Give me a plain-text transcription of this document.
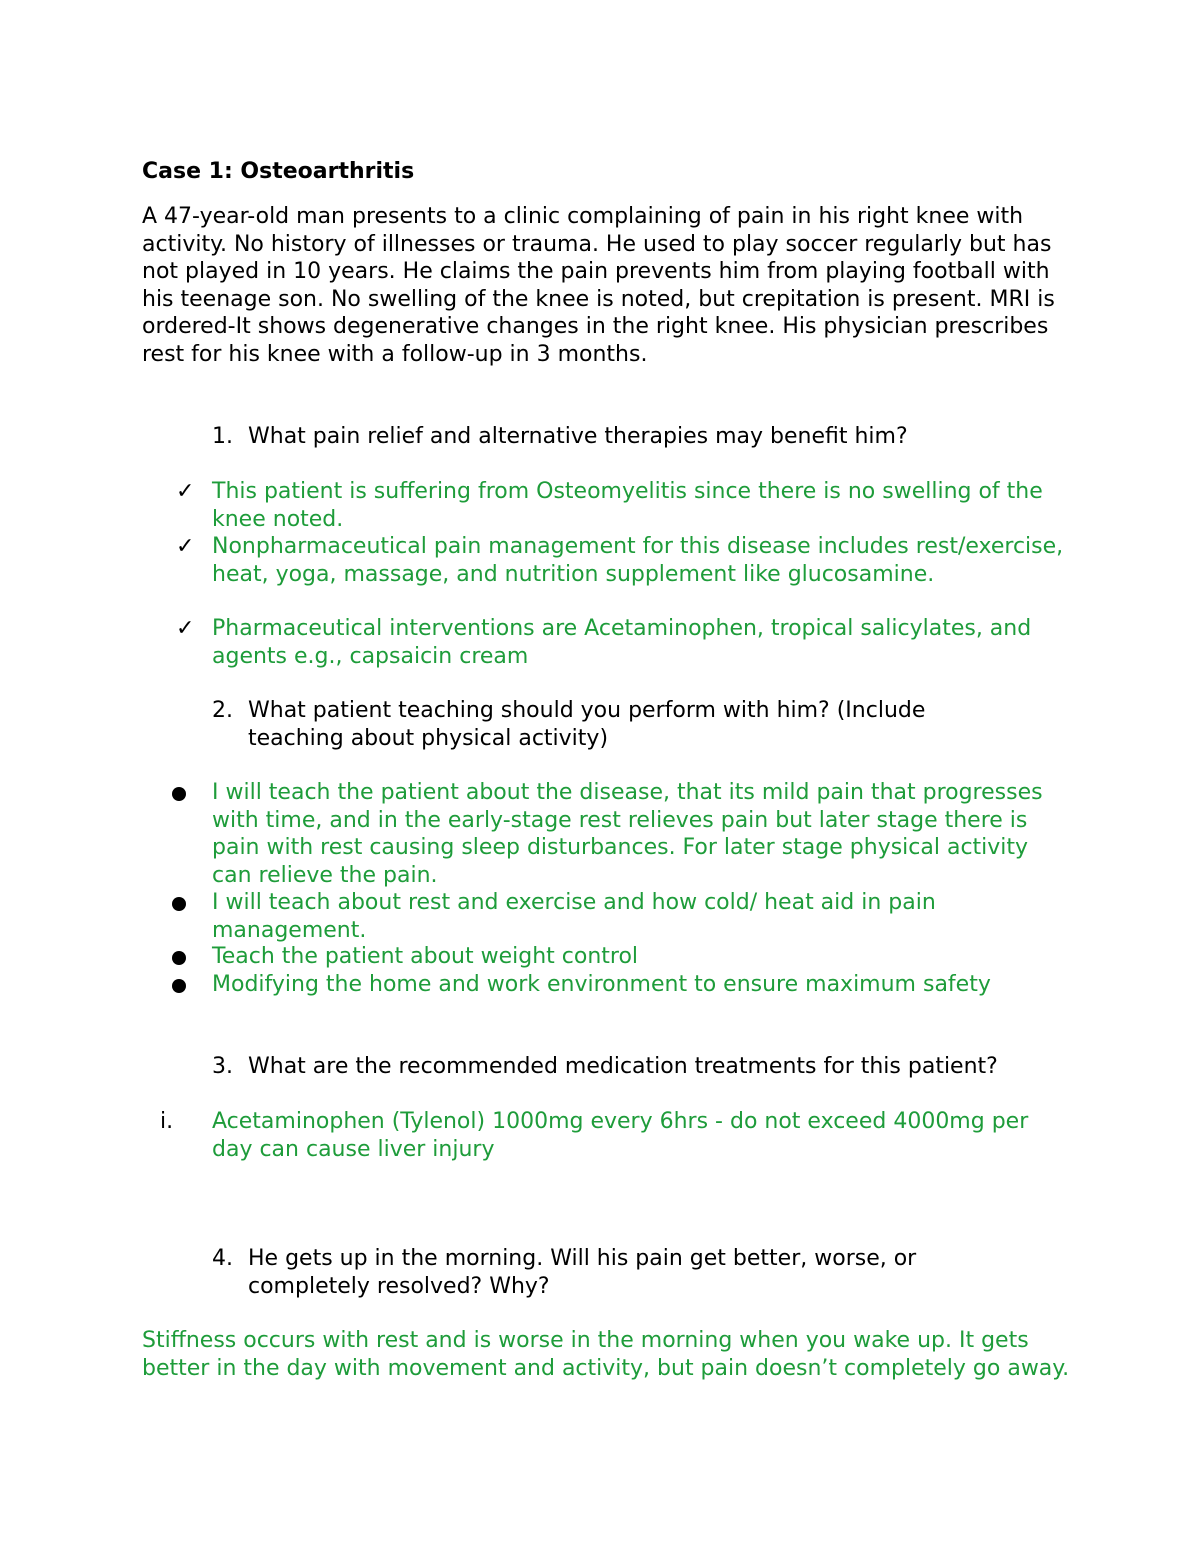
Case 1: Osteoarthritis
A 47-year-old man presents to a clinic complaining of pain in his right knee with activity. No history of illnesses or trauma. He used to play soccer regularly but has not played in 10 years. He claims the pain prevents him from playing football with his teenage son. No swelling of the knee is noted, but crepitation is present. MRI is ordered-It shows degenerative changes in the right knee. His physician prescribes rest for his knee with a follow-up in 3 months.
1. What pain relief and alternative therapies may benefit him?
✓ This patient is suffering from Osteomyelitis since there is no swelling of the knee noted.
✓ Nonpharmaceutical pain management for this disease includes rest/exercise, heat, yoga, massage, and nutrition supplement like glucosamine.
✓ Pharmaceutical interventions are Acetaminophen, tropical salicylates, and agents e.g., capsaicin cream
2. What patient teaching should you perform with him? (Include teaching about physical activity)
I will teach the patient about the disease, that its mild pain that progresses with time, and in the early-stage rest relieves pain but later stage there is pain with rest causing sleep disturbances. For later stage physical activity can relieve the pain.
I will teach about rest and exercise and how cold/ heat aid in pain management.
Teach the patient about weight control
Modifying the home and work environment to ensure maximum safety
3. What are the recommended medication treatments for this patient?
i. Acetaminophen (Tylenol) 1000mg every 6hrs - do not exceed 4000mg per day can cause liver injury
4. He gets up in the morning. Will his pain get better, worse, or completely resolved? Why?
Stiffness occurs with rest and is worse in the morning when you wake up. It gets better in the day with movement and activity, but pain doesn’t completely go away.
